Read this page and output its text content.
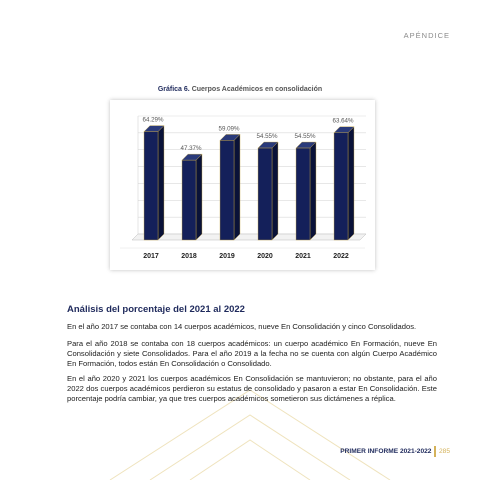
APÉNDICE
Gráfica 6. Cuerpos Académicos en consolidación
64.29%
2017
47.37%
2018
59.09%
2019
54.55%
2020
54.55%
2021
63.64%
2022
Análisis del porcentaje del 2021 al 2022

En el año 2017 se contaba con 14 cuerpos académicos, nueve En Consolidación y cinco Consolidados.

Para el año 2018 se contaba con 18 cuerpos académicos: un cuerpo académico En Formación, nueve En Consolidación y siete Consolidados. Para el año 2019 a la fecha no se cuenta con algún Cuerpo Académico En Formación, todos están En Consolidación o Consolidado.

En el año 2020 y 2021 los cuerpos académicos En Consolidación se mantuvieron; no obstante, para el año 2022 dos cuerpos académicos perdieron su estatus de consolidado y pasaron a estar En Consolidación. Este porcentaje podría cambiar, ya que tres cuerpos académicos sometieron sus dictámenes a réplica.

PRIMER INFORME 2021-2022 285
